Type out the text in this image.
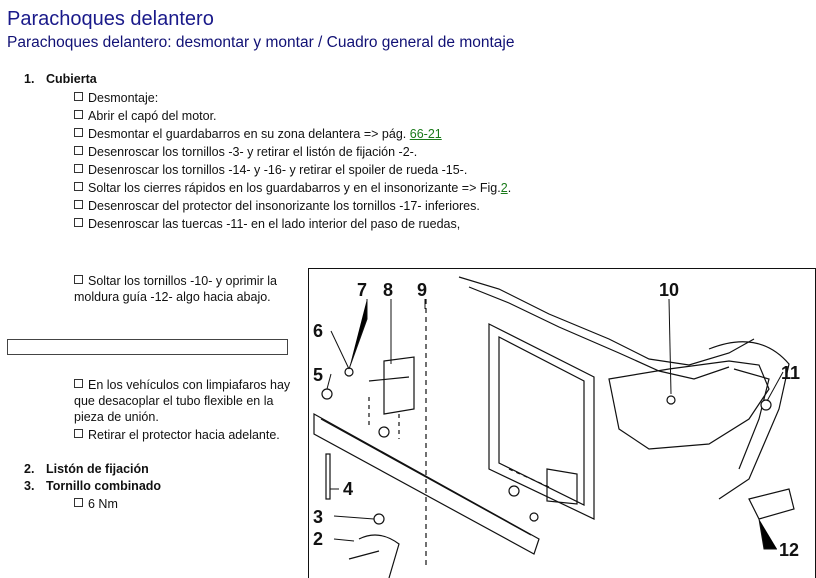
Parachoques delantero
Parachoques delantero: desmontar y montar / Cuadro general de montaje
1. Cubierta
Desmontaje:
Abrir el capó del motor.
Desmontar el guardabarros en su zona delantera => pág. 66-21
Desenroscar los tornillos -3- y retirar el listón de fijación -2-.
Desenroscar los tornillos -14- y -16- y retirar el spoiler de rueda -15-.
Soltar los cierres rápidos en los guardabarros y en el insonorizante => Fig.2.
Desenroscar del protector del insonorizante los tornillos -17- inferiores.
Desenroscar las tuercas -11- en el lado interior del paso de ruedas,
Soltar los tornillos -10- y oprimir la moldura guía -12- algo hacia abajo.
En los vehículos con limpiafaros hay que desacoplar el tubo flexible en la pieza de unión.
Retirar el protector hacia adelante.
2. Listón de fijación
3. Tornillo combinado
6 Nm
7 8 9	10
6
11
5
4
3
2
12
